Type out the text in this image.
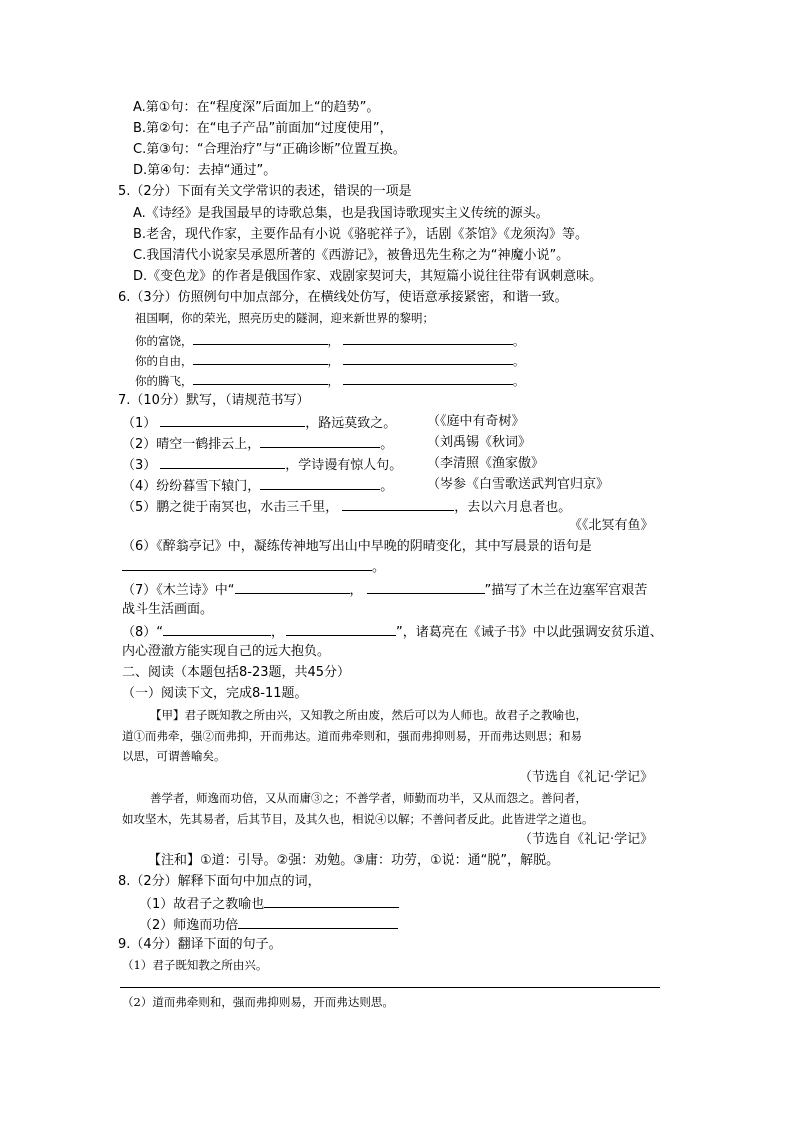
A.第①句：在“程度深”后面加上“的趋势”。
B.第②句：在“电子产品”前面加“过度使用”，
C.第③句：“合理治疗”与“正确诊断”位置互换。
D.第④句：去掉“通过”。
5.（2分）下面有关文学常识的表述，错误的一项是
A.《诗经》是我国最早的诗歌总集，也是我国诗歌现实主义传统的源头。
B.老舍，现代作家，主要作品有小说《骆驼祥子》，话剧《茶馆》《龙须沟》等。
C.我国清代小说家吴承恩所著的《西游记》，被鲁迅先生称之为“神魔小说”。
D.《变色龙》的作者是俄国作家、戏剧家契诃夫，其短篇小说往往带有讽刺意味。
6.（3分）仿照例句中加点部分，在横线处仿写，使语意承接紧密，和谐一致。
祖国啊，你的荣光，照亮历史的隧洞，迎来新世界的黎明；
你的富饶，	，	。
你的自由，	，	。
你的腾飞，	，	。
7.（10分）默写，（请规范书写）
（1）	，路远莫致之。 （《庭中有奇树》
（2）晴空一鹤排云上，	。	（刘禹锡《秋词》
（3）	，学诗谩有惊人句。 （李清照《渔家傲》
（4）纷纷暮雪下辕门，	。	（岑参《白雪歌送武判官归京》
（5）鹏之徙于南冥也，水击三千里，	，去以六月息者也。
《《北冥有鱼》
（6）《醉翁亭记》中，凝练传神地写出山中早晚的阴晴变化，其中写晨景的语句是
。
（7）《木兰诗》中“	，	”描写了木兰在边塞军宫艰苦
战斗生活画面。
（8）“	，	”，诸葛亮在《诫子书》中以此强调安贫乐道、
内心澄澈方能实现自己的远大抱负。
二、阅读（本题包括8-23题，共45分）
（一）阅读下文，完成8-11题。
【甲】君子既知教之所由兴，又知教之所由废，然后可以为人师也。故君子之教喻也，
道①而弗牵，强②而弗抑，开而弗达。道而弗牵则和，强而弗抑则易，开而弗达则思；和易
以思，可谓善喻矣。
（节选自《礼记·学记》
善学者，师逸而功倍，又从而庸③之；不善学者，师勤而功半，又从而怨之。善问者，
如攻坚木，先其易者，后其节目，及其久也，相说④以解；不善问者反此。此皆进学之道也。
（节选自《礼记·学记》
【注和】①道：引导。②强：劝勉。③庸：功劳，①说：通“脱”，解脱。
8.（2分）解释下面句中加点的词，
（1）故君子之教喻也
（2）师逸而功倍
9.（4分）翻译下面的句子。
（1）君子既知教之所由兴。
（2）道而弗牵则和，强而弗抑则易，开而弗达则思。
